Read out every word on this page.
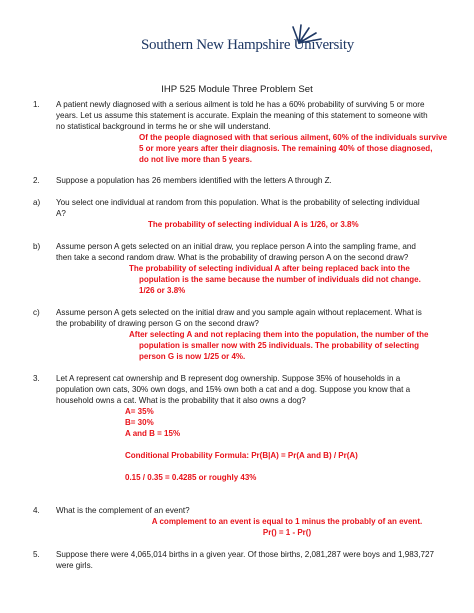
Southern New Hampshire University
IHP 525 Module Three Problem Set
1. A patient newly diagnosed with a serious ailment is told he has a 60% probability of surviving 5 or more
years. Let us assume this statement is accurate. Explain the meaning of this statement to someone with
no statistical background in terms he or she will understand.
Of the people diagnosed with that serious ailment, 60% of the individuals survive
5 or more years after their diagnosis. The remaining 40% of those diagnosed,
do not live more than 5 years.
2. Suppose a population has 26 members identified with the letters A through Z.
a) You select one individual at random from this population. What is the probability of selecting individual
A?
The probability of selecting individual A is 1/26, or 3.8%
b) Assume person A gets selected on an initial draw, you replace person A into the sampling frame, and
then take a second random draw. What is the probability of drawing person A on the second draw?
The probability of selecting individual A after being replaced back into the
population is the same because the number of individuals did not change.
1/26 or 3.8%
c) Assume person A gets selected on the initial draw and you sample again without replacement. What is
the probability of drawing person G on the second draw?
After selecting A and not replacing them into the population, the number of the
population is smaller now with 25 individuals. The probability of selecting
person G is now 1/25 or 4%.
3. Let A represent cat ownership and B represent dog ownership. Suppose 35% of households in a
population own cats, 30% own dogs, and 15% own both a cat and a dog. Suppose you know that a
household owns a cat. What is the probability that it also owns a dog?
A= 35%
B= 30%
A and B = 15%
Conditional Probability Formula: Pr(B|A) = Pr(A and B) / Pr(A)
0.15 / 0.35 = 0.4285 or roughly 43%
4. What is the complement of an event?
A complement to an event is equal to 1 minus the probably of an event.
Pr() = 1 - Pr()
5. Suppose there were 4,065,014 births in a given year. Of those births, 2,081,287 were boys and 1,983,727
were girls.
